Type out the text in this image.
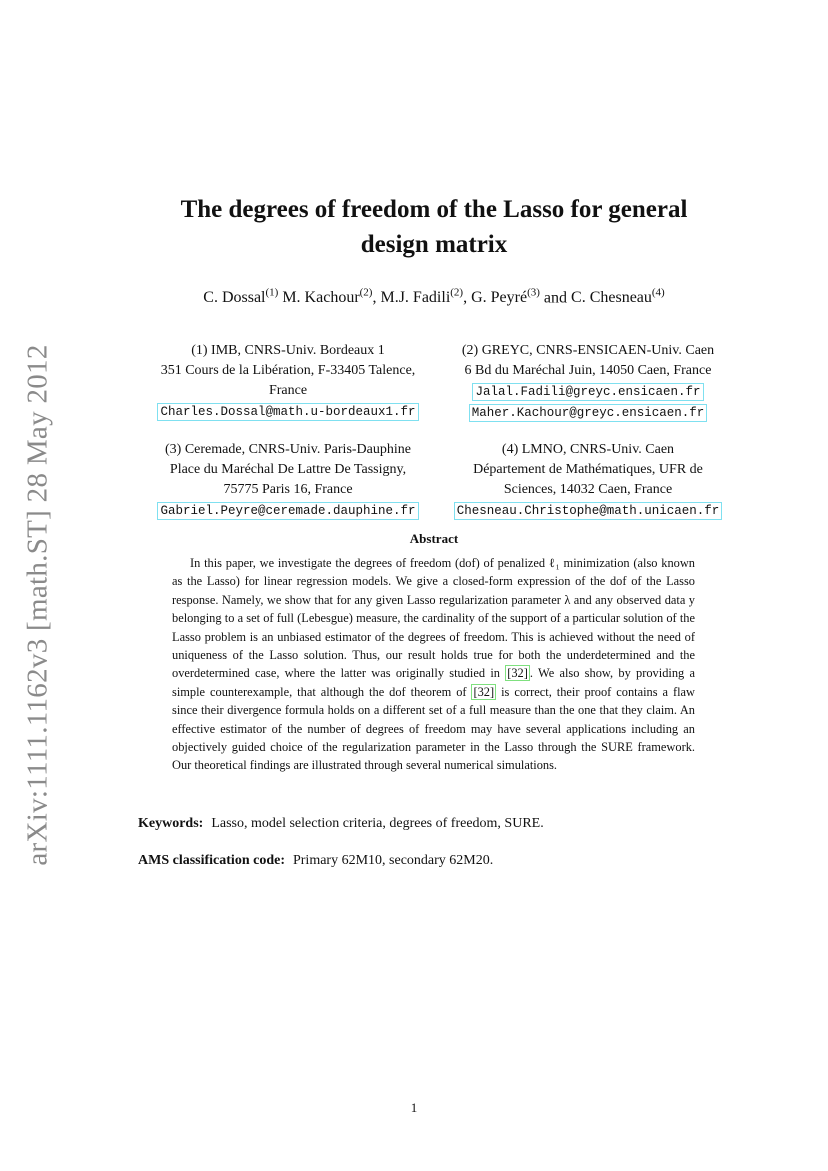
arXiv:1111.1162v3 [math.ST] 28 May 2012
The degrees of freedom of the Lasso for general
design matrix
C. Dossal$^{(1)}$ M. Kachour$^{(2)}$, M.J. Fadili$^{(2)}$, G. Peyré$^{(3)}$ and C. Chesneau$^{(4)}$
(1) IMB, CNRS-Univ. Bordeaux 1
351 Cours de la Libération, F-33405 Talence,
France
Charles.Dossal@math.u-bordeaux1.fr
(2) GREYC, CNRS-ENSICAEN-Univ. Caen
6 Bd du Maréchal Juin, 14050 Caen, France
Jalal.Fadili@greyc.ensicaen.fr
Maher.Kachour@greyc.ensicaen.fr
(3) Ceremade, CNRS-Univ. Paris-Dauphine
Place du Maréchal De Lattre De Tassigny,
75775 Paris 16, France
Gabriel.Peyre@ceremade.dauphine.fr
(4) LMNO, CNRS-Univ. Caen
Département de Mathématiques, UFR de
Sciences, 14032 Caen, France
Chesneau.Christophe@math.unicaen.fr
Abstract
In this paper, we investigate the degrees of freedom (dof) of penalized ℓ₁ minimization (also known as the Lasso) for linear regression models. We give a closed-form expression of the dof of the Lasso response. Namely, we show that for any given Lasso regularization parameter λ and any observed data y belonging to a set of full (Lebesgue) measure, the cardinality of the support of a particular solution of the Lasso problem is an unbiased estimator of the degrees of freedom. This is achieved without the need of uniqueness of the Lasso solution. Thus, our result holds true for both the underdetermined and the overdetermined case, where the latter was originally studied in [32] . We also show, by providing a simple counterexample, that although the dof theorem of [32] is correct, their proof contains a flaw since their divergence formula holds on a different set of a full measure than the one that they claim. An effective estimator of the number of degrees of freedom may have several applications including an objectively guided choice of the regularization parameter in the Lasso through the SURE framework. Our theoretical findings are illustrated through several numerical simulations.
Keywords: Lasso, model selection criteria, degrees of freedom, SURE.
AMS classification code: Primary 62M10, secondary 62M20.
1
